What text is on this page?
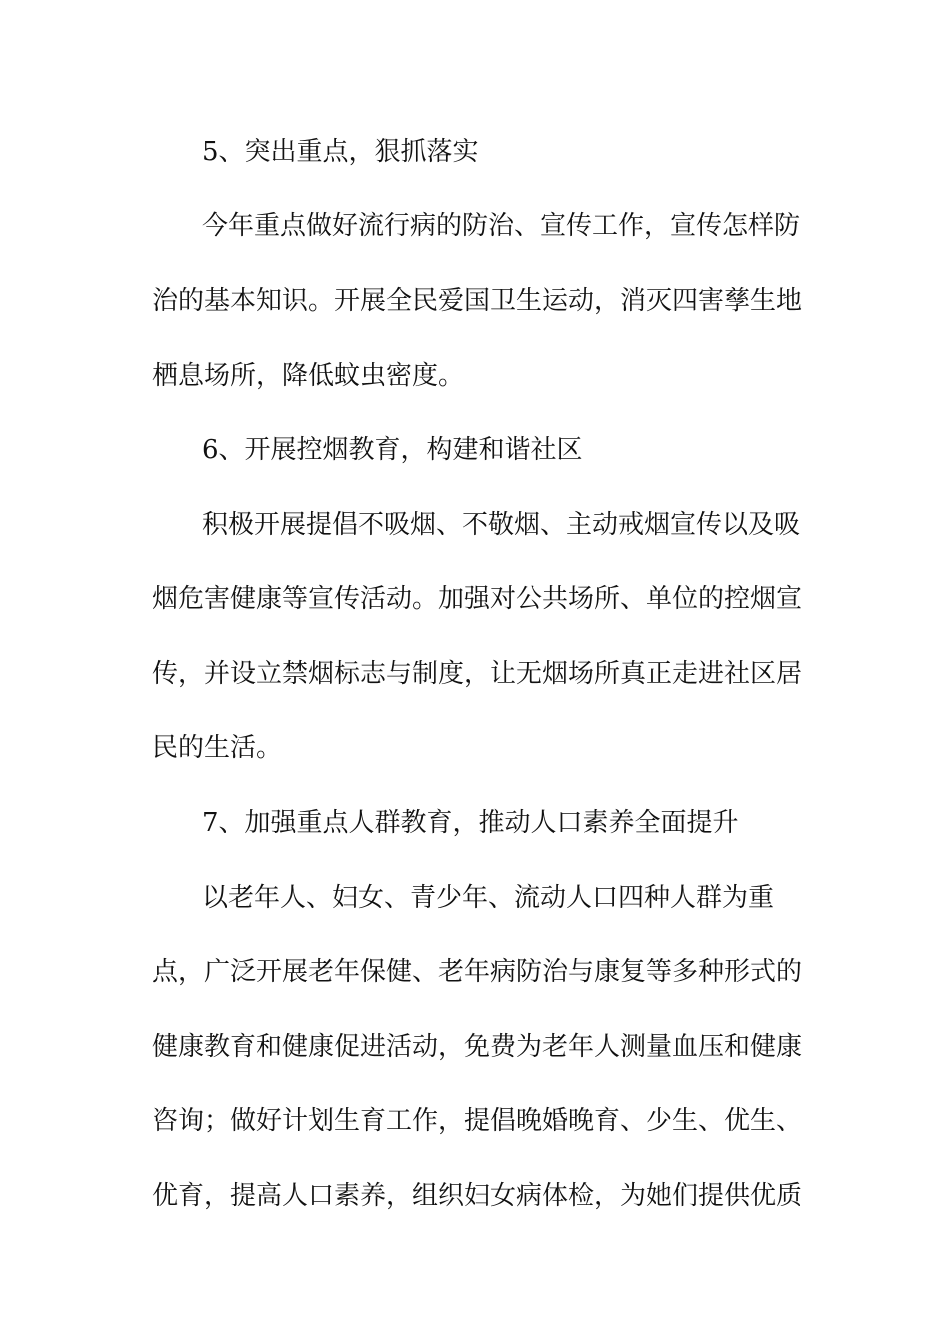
5、突出重点，狠抓落实
今年重点做好流行病的防治、宣传工作，宣传怎样防
治的基本知识。开展全民爱国卫生运动，消灭四害孳生地
栖息场所，降低蚊虫密度。
6、开展控烟教育，构建和谐社区
积极开展提倡不吸烟、不敬烟、主动戒烟宣传以及吸
烟危害健康等宣传活动。加强对公共场所、单位的控烟宣
传，并设立禁烟标志与制度，让无烟场所真正走进社区居
民的生活。
7、加强重点人群教育，推动人口素养全面提升
以老年人、妇女、青少年、流动人口四种人群为重
点，广泛开展老年保健、老年病防治与康复等多种形式的
健康教育和健康促进活动，免费为老年人测量血压和健康
咨询；做好计划生育工作，提倡晚婚晚育、少生、优生、
优育，提高人口素养，组织妇女病体检，为她们提供优质
